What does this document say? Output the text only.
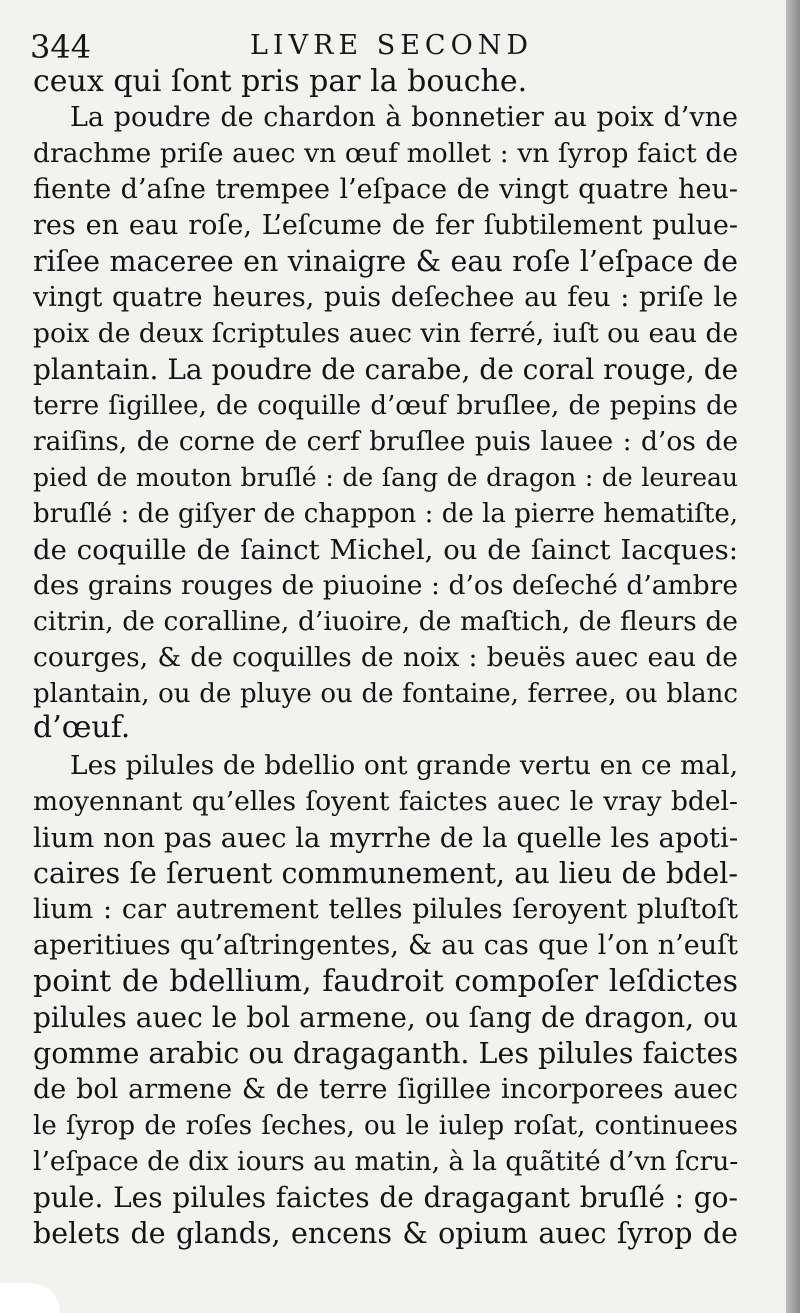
344	LIVRE SECOND
ceux qui ſont pris par la bouche.
La poudre de chardon à bonnetier au poix d’vne
drachme priſe auec vn œuf mollet : vn ſyrop faict de
fiente d’aſne trempee l’eſpace de vingt quatre heu-
res en eau roſe, L’eſcume de fer ſubtilement pulue-
riſee maceree en vinaigre & eau roſe l’eſpace de
vingt quatre heures, puis deſechee au feu : priſe le
poix de deux ſcriptules auec vin ferré, iuſt ou eau de
plantain. La poudre de carabe, de coral rouge, de
terre ſigillee, de coquille d’œuf bruſlee, de pepins de
raiſins, de corne de cerf bruſlee puis lauee : d’os de
pied de mouton bruſlé : de ſang de dragon : de leureau
bruſlé : de giſyer de chappon : de la pierre hematiſte,
de coquille de ſainct Michel, ou de ſainct Iacques:
des grains rouges de piuoine : d’os deſeché d’ambre
citrin, de coralline, d’iuoire, de maſtich, de fleurs de
courges, & de coquilles de noix : beuës auec eau de
plantain, ou de pluye ou de fontaine, ferree, ou blanc
d’œuf.
Les pilules de bdellio ont grande vertu en ce mal,
moyennant qu’elles ſoyent faictes auec le vray bdel-
lium non pas auec la myrrhe de la quelle les apoti-
caires ſe ſeruent communement, au lieu de bdel-
lium : car autrement telles pilules ſeroyent pluſtoſt
aperitiues qu’aſtringentes, & au cas que l’on n’euſt
point de bdellium, faudroit compoſer leſdictes
pilules auec le bol armene, ou ſang de dragon, ou
gomme arabic ou dragaganth. Les pilules faictes
de bol armene & de terre ſigillee incorporees auec
le ſyrop de roſes ſeches, ou le iulep roſat, continuees
l’eſpace de dix iours au matin, à la quãtité d’vn ſcru-
pule. Les pilules faictes de dragagant bruſlé : go-
belets de glands, encens & opium auec ſyrop de
